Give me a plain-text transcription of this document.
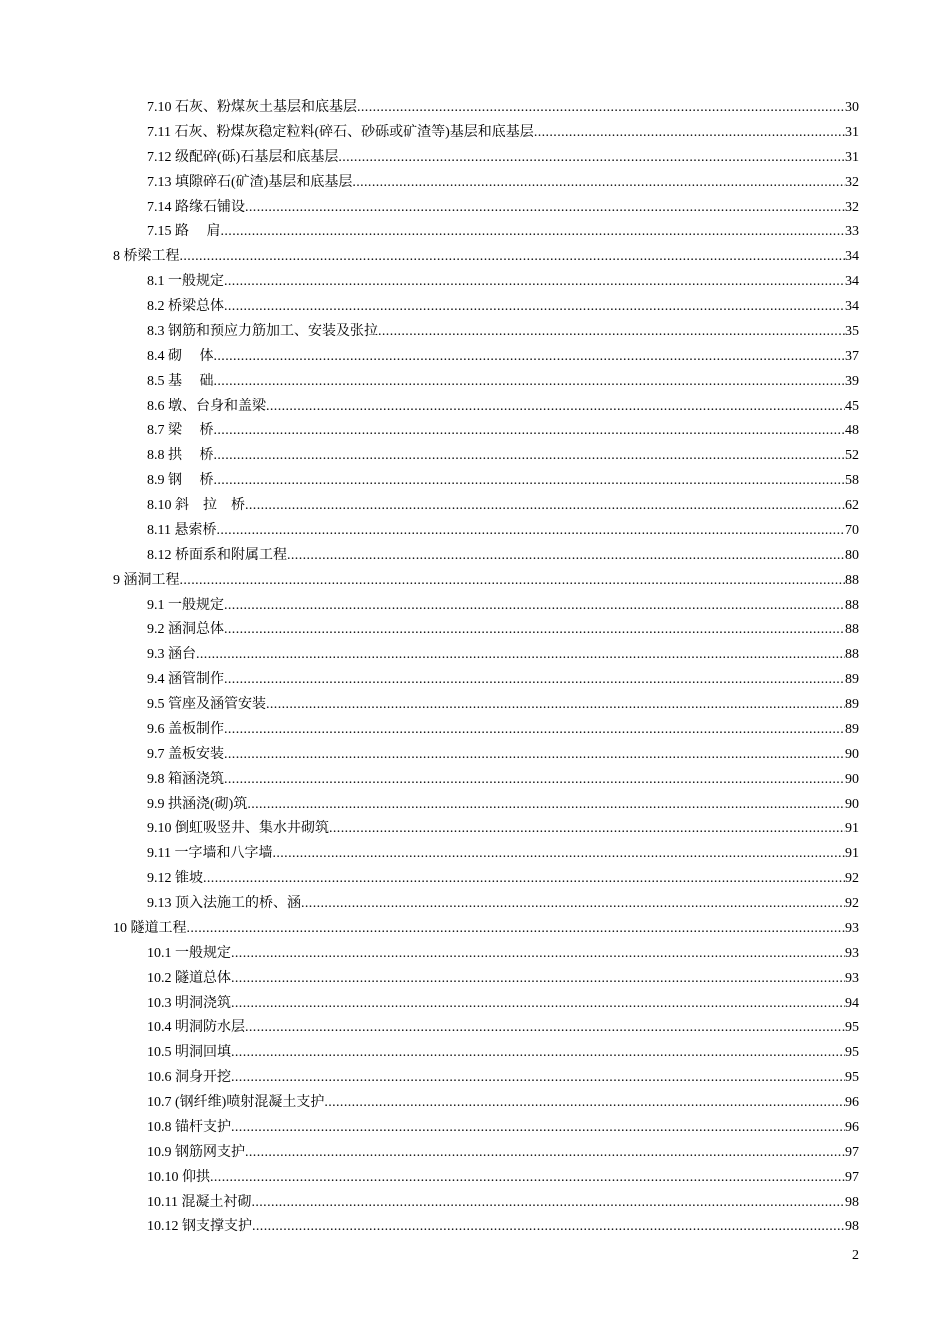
7.10 石灰、粉煤灰土基层和底基层 .....	30
7.11 石灰、粉煤灰稳定粒料(碎石、砂砾或矿渣等)基层和底基层 .....	31
7.12 级配碎(砾)石基层和底基层 .....	31
7.13 填隙碎石(矿渣)基层和底基层 .....	32
7.14 路缘石铺设 .....	32
7.15 路　 肩 .....	33
8 桥梁工程 .....	34
8.1 一般规定 .....	34
8.2 桥梁总体 .....	34
8.3 钢筋和预应力筋加工、安装及张拉 .....	35
8.4 砌　 体 .....	37
8.5 基　 础 .....	39
8.6 墩、台身和盖梁 .....	45
8.7 梁　 桥 .....	48
8.8 拱　 桥 .....	52
8.9 钢　 桥 .....	58
8.10 斜　拉　桥 .....	62
8.11 悬索桥 .....	70
8.12 桥面系和附属工程 .....	80
9 涵洞工程 .....	88
9.1 一般规定 .....	88
9.2 涵洞总体 .....	88
9.3 涵台 .....	88
9.4 涵管制作 .....	89
9.5 管座及涵管安装 .....	89
9.6 盖板制作 .....	89
9.7 盖板安装 .....	90
9.8 箱涵浇筑 .....	90
9.9 拱涵浇(砌)筑 .....	90
9.10 倒虹吸竖井、集水井砌筑 .....	91
9.11 一字墙和八字墙 .....	91
9.12 锥坡 .....	92
9.13 顶入法施工的桥、涵 .....	92
10 隧道工程 .....	93
10.1 一般规定 .....	93
10.2 隧道总体 .....	93
10.3 明洞浇筑 .....	94
10.4 明洞防水层 .....	95
10.5 明洞回填 .....	95
10.6 洞身开挖 .....	95
10.7 (钢纤维)喷射混凝土支护 .....	96
10.8 锚杆支护 .....	96
10.9 钢筋网支护 .....	97
10.10 仰拱 .....	97
10.11 混凝土衬砌 .....	98
10.12 钢支撑支护 .....	98
2
